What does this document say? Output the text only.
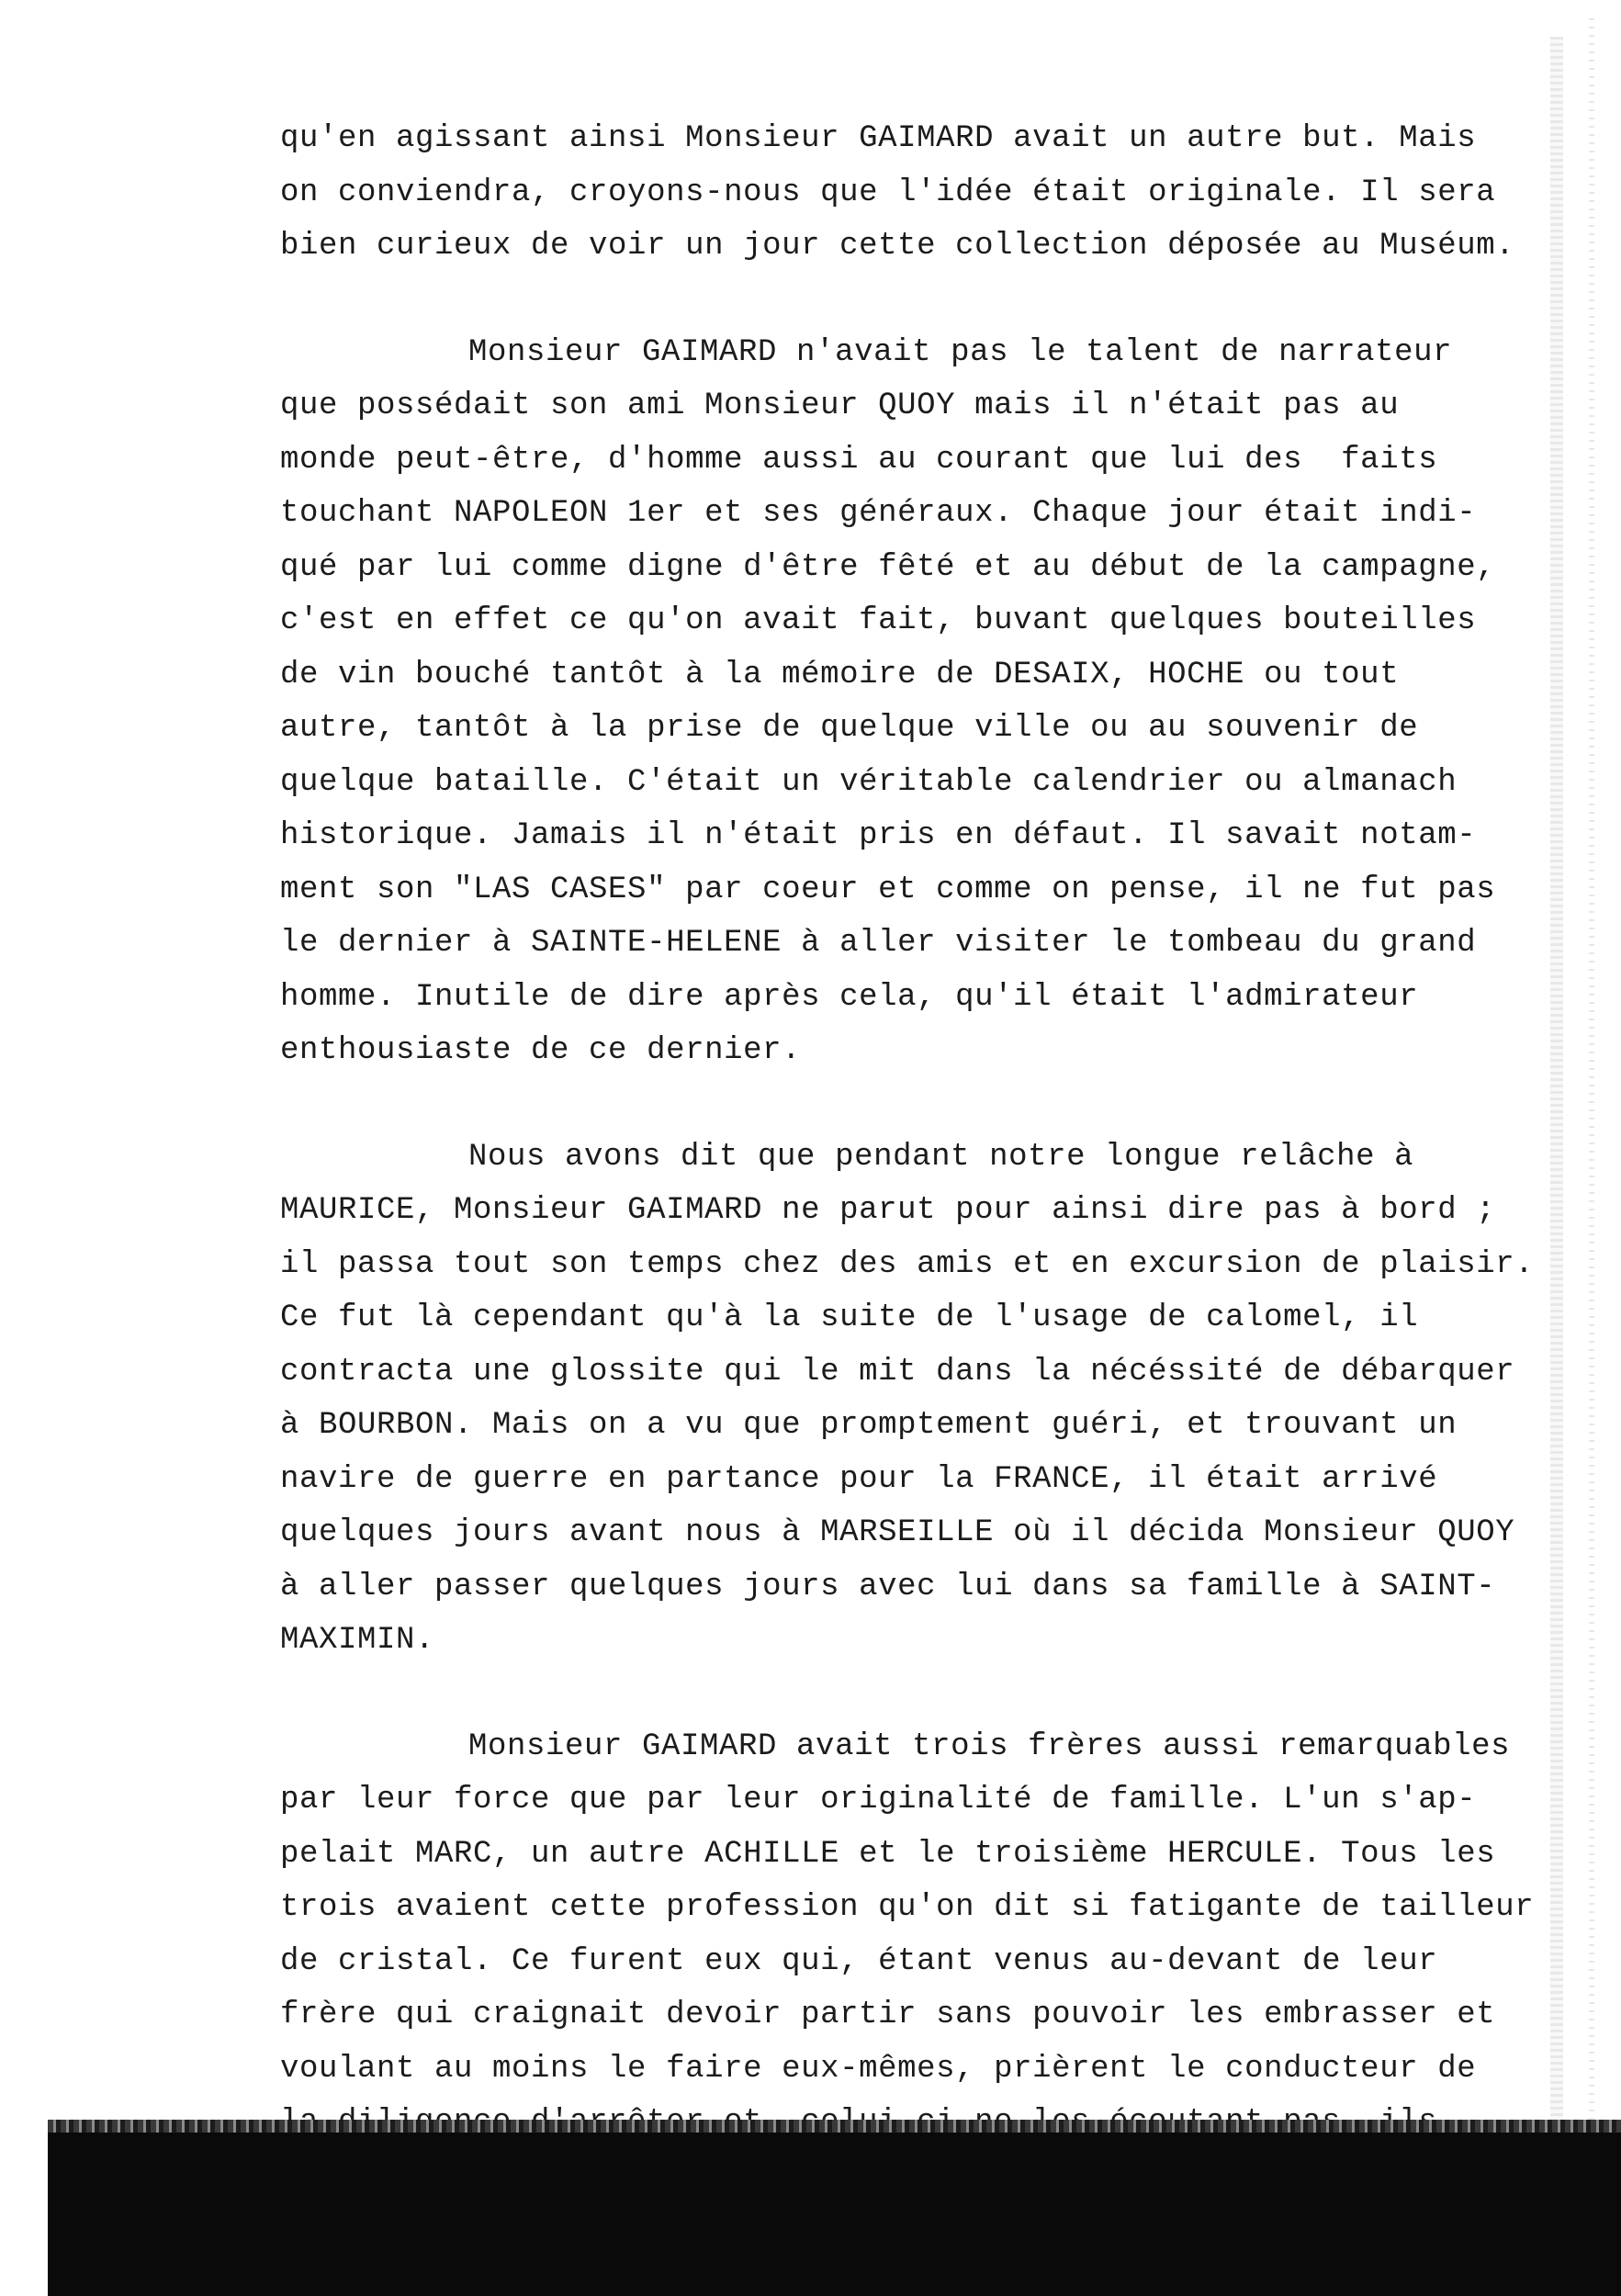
qu'en agissant ainsi Monsieur GAIMARD avait un autre but. Mais
on conviendra, croyons-nous que l'idée était originale. Il sera
bien curieux de voir un jour cette collection déposée au Muséum.
Monsieur GAIMARD n'avait pas le talent de narrateur
que possédait son ami Monsieur QUOY mais il n'était pas au
monde peut-être, d'homme aussi au courant que lui des  faits
touchant NAPOLEON 1er et ses généraux. Chaque jour était indi-
qué par lui comme digne d'être fêté et au début de la campagne,
c'est en effet ce qu'on avait fait, buvant quelques bouteilles
de vin bouché tantôt à la mémoire de DESAIX, HOCHE ou tout
autre, tantôt à la prise de quelque ville ou au souvenir de
quelque bataille. C'était un véritable calendrier ou almanach
historique. Jamais il n'était pris en défaut. Il savait notam-
ment son "LAS CASES" par coeur et comme on pense, il ne fut pas
le dernier à SAINTE-HELENE à aller visiter le tombeau du grand
homme. Inutile de dire après cela, qu'il était l'admirateur
enthousiaste de ce dernier.
Nous avons dit que pendant notre longue relâche à
MAURICE, Monsieur GAIMARD ne parut pour ainsi dire pas à bord ;
il passa tout son temps chez des amis et en excursion de plaisir.
Ce fut là cependant qu'à la suite de l'usage de calomel, il
contracta une glossite qui le mit dans la nécéssité de débarquer
à BOURBON. Mais on a vu que promptement guéri, et trouvant un
navire de guerre en partance pour la FRANCE, il était arrivé
quelques jours avant nous à MARSEILLE où il décida Monsieur QUOY
à aller passer quelques jours avec lui dans sa famille à SAINT-
MAXIMIN.
Monsieur GAIMARD avait trois frères aussi remarquables
par leur force que par leur originalité de famille. L'un s'ap-
pelait MARC, un autre ACHILLE et le troisième HERCULE. Tous les
trois avaient cette profession qu'on dit si fatigante de tailleur
de cristal. Ce furent eux qui, étant venus au-devant de leur
frère qui craignait devoir partir sans pouvoir les embrasser et
voulant au moins le faire eux-mêmes, prièrent le conducteur de
